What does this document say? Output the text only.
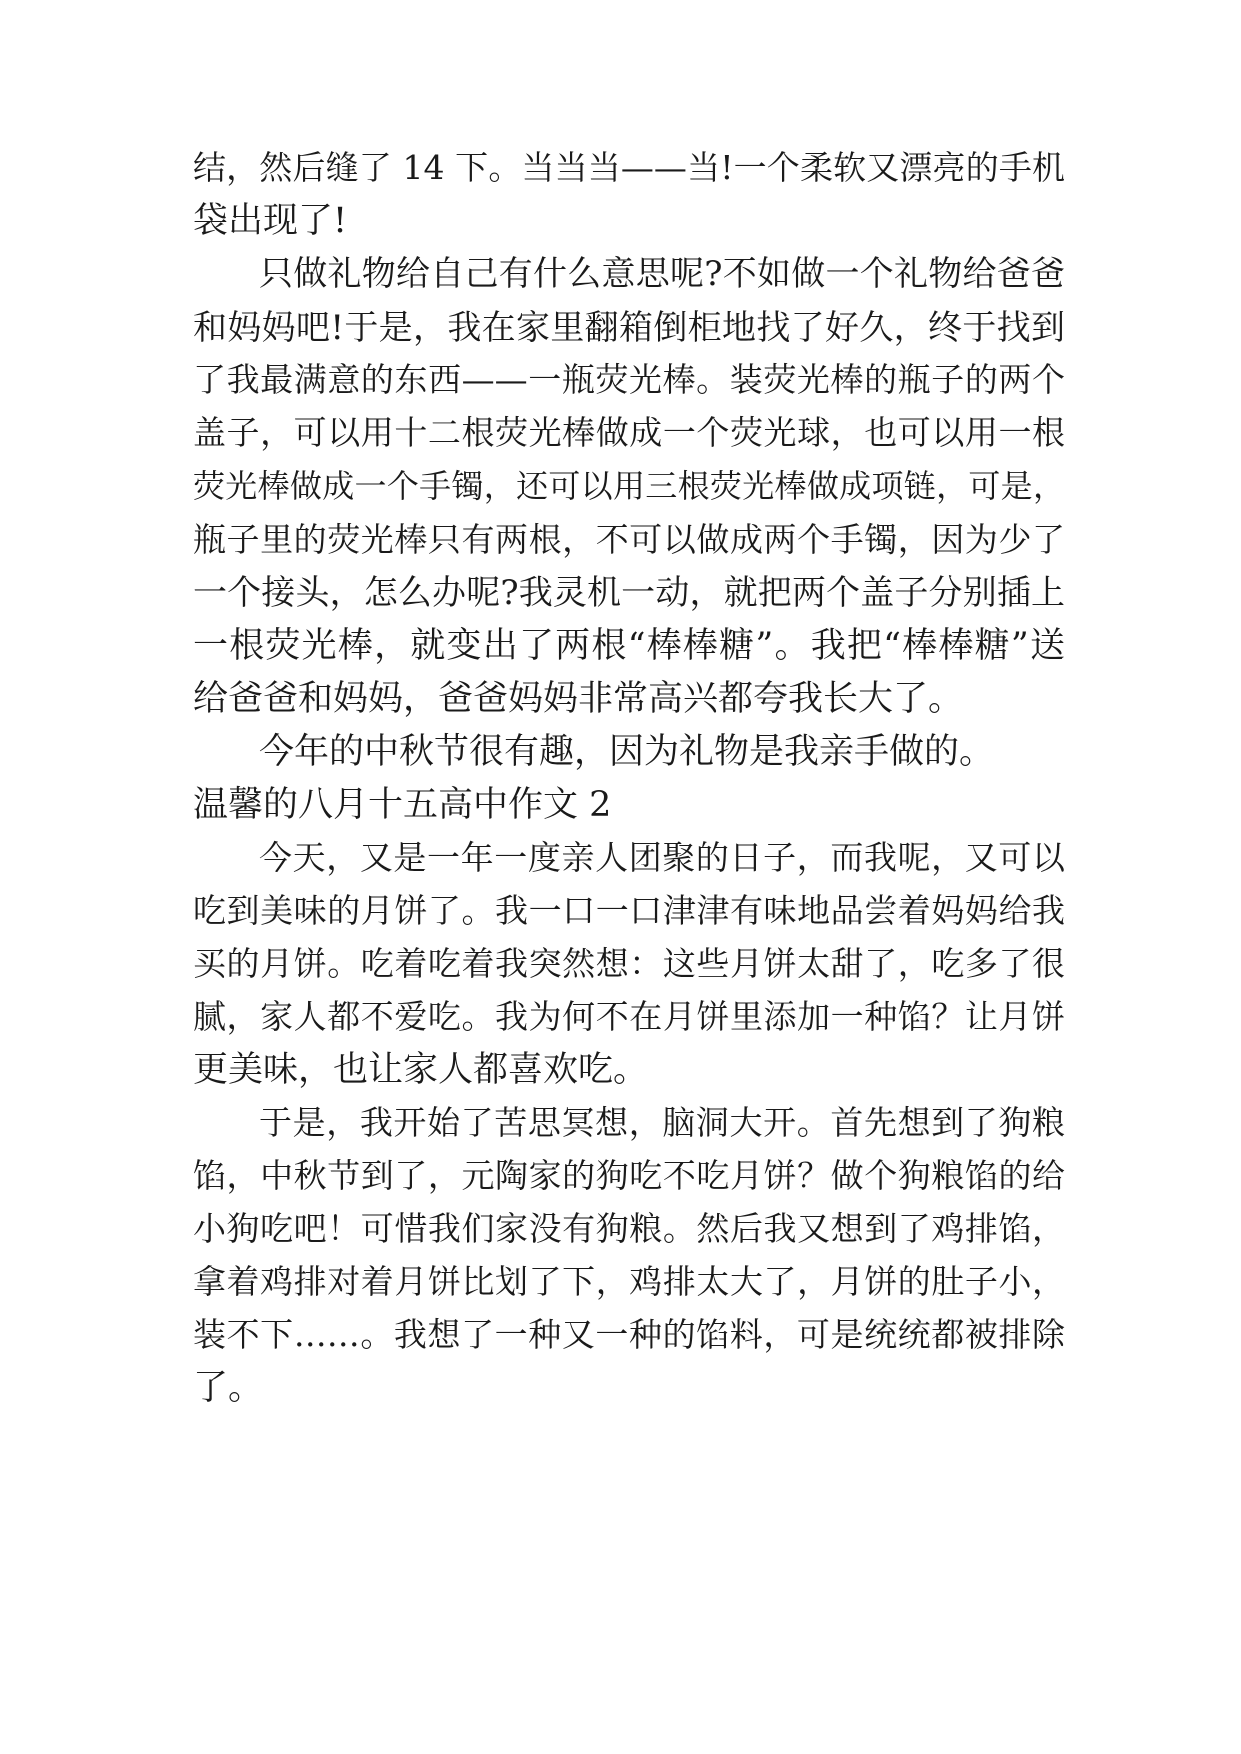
结，然后缝了 14 下。当当当——当!一个柔软又漂亮的手机
袋出现了!
只做礼物给自己有什么意思呢?不如做一个礼物给爸爸
和妈妈吧!于是，我在家里翻箱倒柜地找了好久，终于找到
了我最满意的东西——一瓶荧光棒。装荧光棒的瓶子的两个
盖子，可以用十二根荧光棒做成一个荧光球，也可以用一根
荧光棒做成一个手镯，还可以用三根荧光棒做成项链，可是，
瓶子里的荧光棒只有两根，不可以做成两个手镯，因为少了
一个接头，怎么办呢?我灵机一动，就把两个盖子分别插上
一根荧光棒，就变出了两根“棒棒糖”。我把“棒棒糖”送
给爸爸和妈妈，爸爸妈妈非常高兴都夸我长大了。
今年的中秋节很有趣，因为礼物是我亲手做的。
温馨的八月十五高中作文 2
今天，又是一年一度亲人团聚的日子，而我呢，又可以
吃到美味的月饼了。我一口一口津津有味地品尝着妈妈给我
买的月饼。吃着吃着我突然想：这些月饼太甜了，吃多了很
腻，家人都不爱吃。我为何不在月饼里添加一种馅？让月饼
更美味，也让家人都喜欢吃。
于是，我开始了苦思冥想，脑洞大开。首先想到了狗粮
馅，中秋节到了，元陶家的狗吃不吃月饼？做个狗粮馅的给
小狗吃吧！可惜我们家没有狗粮。然后我又想到了鸡排馅，
拿着鸡排对着月饼比划了下，鸡排太大了，月饼的肚子小，
装不下……。我想了一种又一种的馅料，可是统统都被排除
了。
